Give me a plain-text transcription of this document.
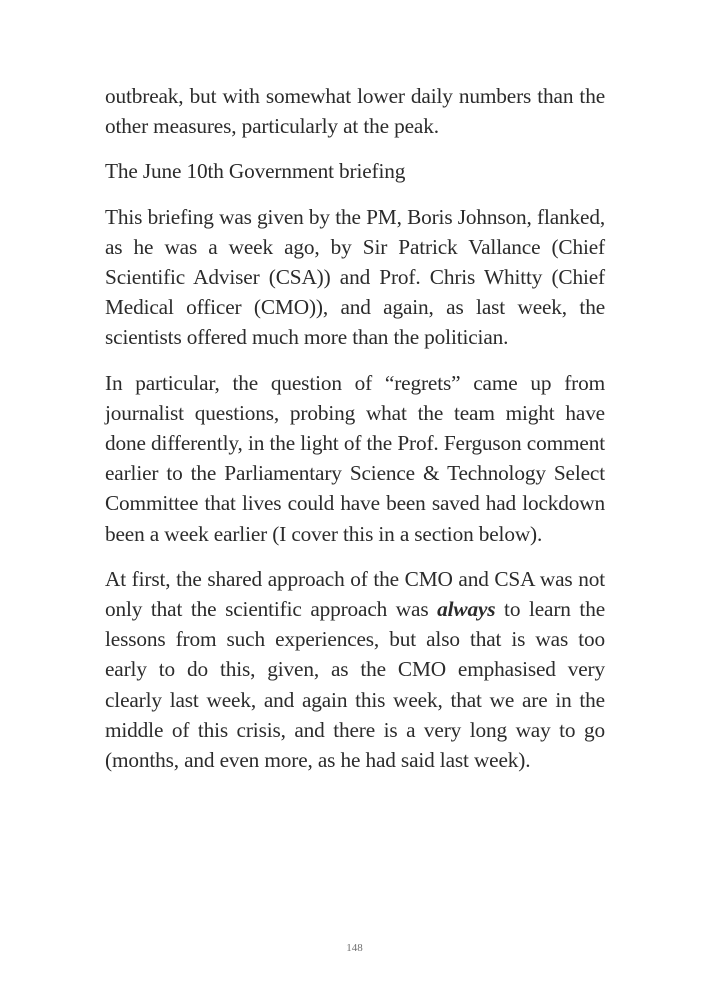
outbreak, but with somewhat lower daily numbers than the other measures, particularly at the peak.

The June 10th Government briefing

This briefing was given by the PM, Boris Johnson, flanked, as he was a week ago, by Sir Patrick Vallance (Chief Scientific Adviser (CSA)) and Prof. Chris Whitty (Chief Medical officer (CMO)), and again, as last week, the scientists offered much more than the politician.

In particular, the question of “regrets” came up from journalist questions, probing what the team might have done differently, in the light of the Prof. Ferguson comment earlier to the Parliamentary Science & Technology Select Committee that lives could have been saved had lockdown been a week earlier (I cover this in a section below).

At first, the shared approach of the CMO and CSA was not only that the scientific approach was always to learn the lessons from such experiences, but also that is was too early to do this, given, as the CMO emphasised very clearly last week, and again this week, that we are in the middle of this crisis, and there is a very long way to go (months, and even more, as he had said last week).

148
